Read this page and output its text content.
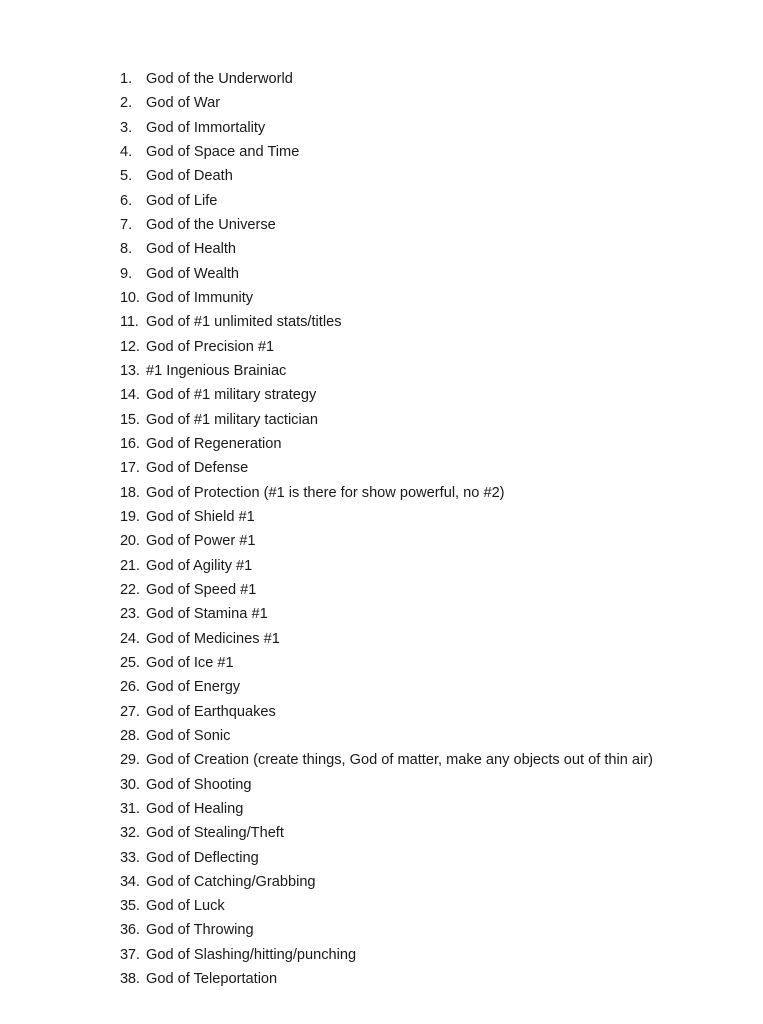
1. God of the Underworld
2. God of War
3. God of Immortality
4. God of Space and Time
5. God of Death
6. God of Life
7. God of the Universe
8. God of Health
9. God of Wealth
10. God of Immunity
11. God of #1 unlimited stats/titles
12. God of Precision #1
13. #1 Ingenious Brainiac
14. God of #1 military strategy
15. God of #1 military tactician
16. God of Regeneration
17. God of Defense
18. God of Protection (#1 is there for show powerful, no #2)
19. God of Shield #1
20. God of Power #1
21. God of Agility #1
22. God of Speed #1
23. God of Stamina #1
24. God of Medicines #1
25. God of Ice #1
26. God of Energy
27. God of Earthquakes
28. God of Sonic
29. God of Creation (create things, God of matter, make any objects out of thin air)
30. God of Shooting
31. God of Healing
32. God of Stealing/Theft
33. God of Deflecting
34. God of Catching/Grabbing
35. God of Luck
36. God of Throwing
37. God of Slashing/hitting/punching
38. God of Teleportation
